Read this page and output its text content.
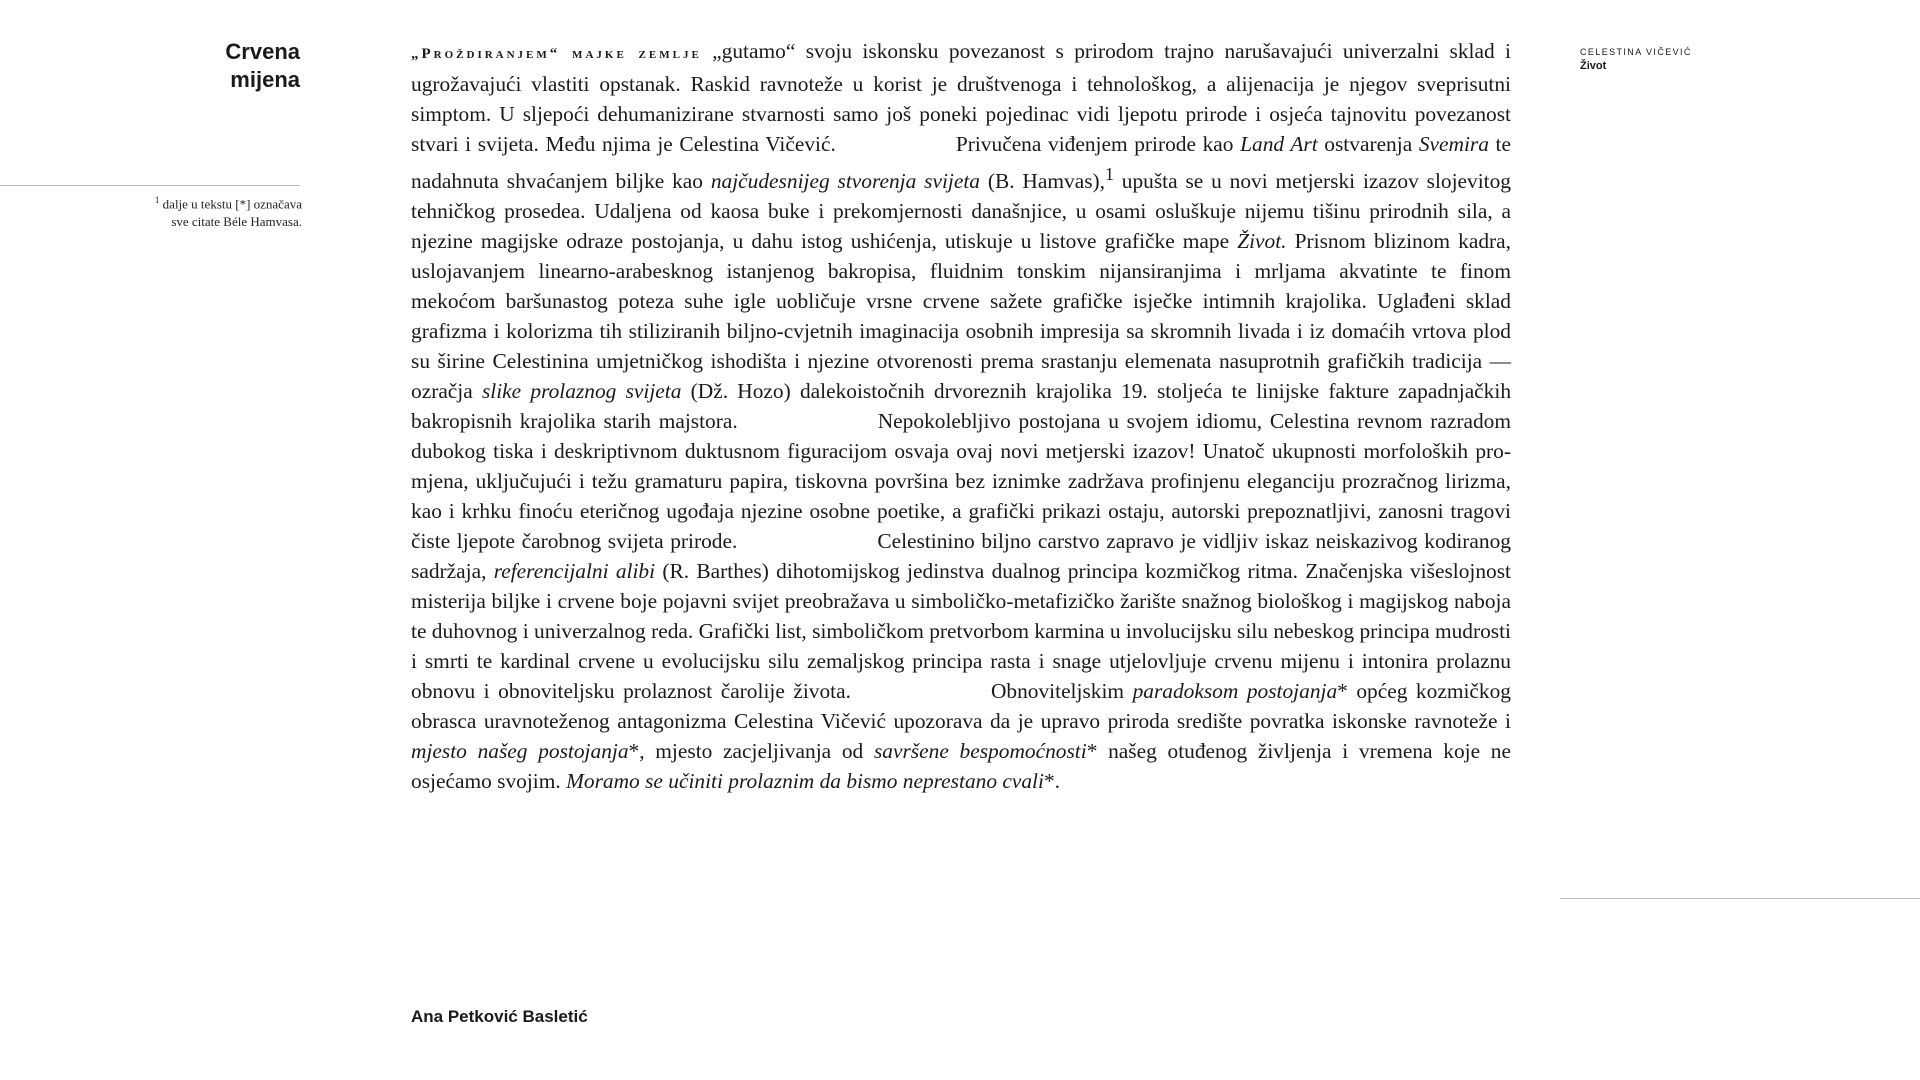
Crvena
mijena
$^1$ dalje u tekstu [*] označava
sve citate Béle Hamvasa.

„Proždiranjem“ majke zemlje „gutamo“ svoju iskonsku povezanost s prirodom trajno narušavajući univerzalni sklad i ugrožavajući vlastiti opstanak. Raskid ravnoteže u korist je društvenoga i tehnološkog, a alijenacija je njegov sveprisutni simptom. U sljepoći dehumanizirane stvarnosti samo još poneki pojedinac vidi ljepotu prirode i osjeća tajnovitu povezanost stvari i svijeta. Među njima je Celestina Vičević.	Privučena viđenjem prirode kao Land Art ostvarenja Svemira te nadahnuta shvaćanjem biljke kao najčudesnijeg stvorenja svijeta (B. Hamvas),$^1$ upušta se u novi metjerski izazov slojevitog tehničkog prosedea. Udaljena od kaosa buke i prekomjernosti današnjice, u osami osluškuje nijemu tišinu prirodnih sila, a njezine magijske odraze postojanja, u dahu istog ushićenja, utiskuje u listove grafičke mape Život. Prisnom blizinom kadra, uslojavanjem linearno-arabesknog istanjenog bakropisa, fluidnim tonskim nijansiranjima i mrljama akvatinte te finom mekoćom baršunastog poteza suhe igle uobličuje vrsne crvene sažete grafičke isječke intimnih krajolika. Uglađeni sklad grafizma i kolorizma tih stiliziranih biljno-cvjetnih imaginacija osobnih impresija sa skromnih livada i iz domaćih vrtova plod su širine Celestinina umjetničkog ishodišta i njezine otvorenosti prema srastanju elemenata nasuprotnih grafičkih tradicija — ozračja slike prolaznog svijeta (Dž. Hozo) dalekoistočnih drvoreznih krajolika 19. stoljeća te linijske fakture zapadnjačkih bakropisnih krajolika starih majstora.	Nepokolebljivo postojana u svojem idiomu, Celestina revnom razradom dubokog tiska i deskriptivnom duktusnom figuracijom osvaja ovaj novi metjerski izazov! Unatoč ukupnosti morfoloških promjena, uključujući i težu gramaturu papira, tiskovna površina bez iznimke zadržava profinjenu eleganciju prozračnog lirizma, kao i krhku finoću eteričnog ugođaja njezine osobne poetike, a grafički prikazi ostaju, autorski prepoznatljivi, zanosni tragovi čiste ljepote čarobnog svijeta prirode.	Celestinino biljno carstvo zapravo je vidljiv iskaz neiskazivog kodiranog sadržaja, referencijalni alibi (R. Barthes) dihotomijskog jedinstva dualnog principa kozmičkog ritma. Značenjska višeslojnost misterija biljke i crvene boje pojavni svijet preobražava u simboličko-metafizičko žarište snažnog biološkog i magijskog naboja te duhovnog i univerzalnog reda. Grafički list, simboličkom pretvorbom karmina u involucijsku silu nebeskog principa mudrosti i smrti te kardinal crvene u evolucijsku silu zemaljskog principa rasta i snage utjelovljuje crvenu mijenu i intonira prolaznu obnovu i obnoviteljsku prolaznost čarolije života.	Obnoviteljskim paradoksom postojanja* općeg kozmičkog obrasca uravnoteženog antagonizma Celestina Vičević upozorava da je upravo priroda središte povratka iskonske ravnoteže i mjesto našeg postojanja*, mjesto zacjeljivanja od savršene bespomoćnosti* našeg otuđenog življenja i vremena koje ne osjećamo svojim. Moramo se učiniti prolaznim da bismo neprestano cvali*.

CELESTINA VIČEVIĆ
Život
Ana Petković Basletić
